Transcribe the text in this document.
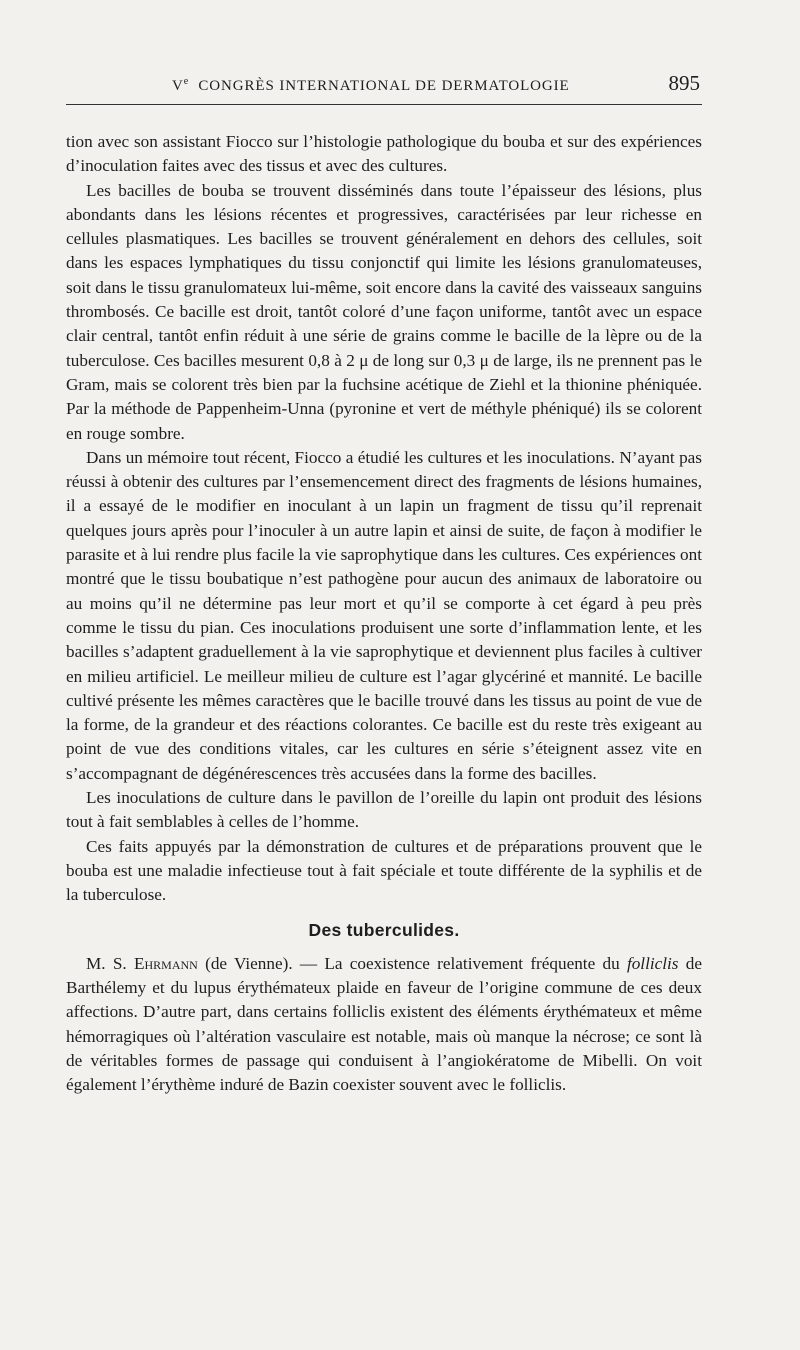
Ve CONGRÈS INTERNATIONAL DE DERMATOLOGIE	895

tion avec son assistant Fiocco sur l’histologie pathologique du bouba et sur des expériences d’inoculation faites avec des tissus et avec des cultures.

Les bacilles de bouba se trouvent disséminés dans toute l’épaisseur des lésions, plus abondants dans les lésions récentes et progressives, caractérisées par leur richesse en cellules plasmatiques. Les bacilles se trouvent généralement en dehors des cellules, soit dans les espaces lymphatiques du tissu conjonctif qui limite les lésions granulomateuses, soit dans le tissu granulomateux lui-même, soit encore dans la cavité des vaisseaux sanguins thrombosés. Ce bacille est droit, tantôt coloré d’une façon uniforme, tantôt avec un espace clair central, tantôt enfin réduit à une série de grains comme le bacille de la lèpre ou de la tuberculose. Ces bacilles mesurent 0,8 à 2 μ de long sur 0,3 μ de large, ils ne prennent pas le Gram, mais se colorent très bien par la fuchsine acétique de Ziehl et la thionine phéniquée. Par la méthode de Pappenheim-Unna (pyronine et vert de méthyle phéniqué) ils se colorent en rouge sombre.

Dans un mémoire tout récent, Fiocco a étudié les cultures et les inoculations. N’ayant pas réussi à obtenir des cultures par l’ensemencement direct des fragments de lésions humaines, il a essayé de le modifier en inoculant à un lapin un fragment de tissu qu’il reprenait quelques jours après pour l’inoculer à un autre lapin et ainsi de suite, de façon à modifier le parasite et à lui rendre plus facile la vie saprophytique dans les cultures. Ces expériences ont montré que le tissu boubatique n’est pathogène pour aucun des animaux de laboratoire ou au moins qu’il ne détermine pas leur mort et qu’il se comporte à cet égard à peu près comme le tissu du pian. Ces inoculations produisent une sorte d’inflammation lente, et les bacilles s’adaptent graduellement à la vie saprophytique et deviennent plus faciles à cultiver en milieu artificiel. Le meilleur milieu de culture est l’agar glycériné et mannité. Le bacille cultivé présente les mêmes caractères que le bacille trouvé dans les tissus au point de vue de la forme, de la grandeur et des réactions colorantes. Ce bacille est du reste très exigeant au point de vue des conditions vitales, car les cultures en série s’éteignent assez vite en s’accompagnant de dégénérescences très accusées dans la forme des bacilles.

Les inoculations de culture dans le pavillon de l’oreille du lapin ont produit des lésions tout à fait semblables à celles de l’homme.

Ces faits appuyés par la démonstration de cultures et de préparations prouvent que le bouba est une maladie infectieuse tout à fait spéciale et toute différente de la syphilis et de la tuberculose.

Des tuberculides.

M. S. Ehrmann (de Vienne). — La coexistence relativement fréquente du folliclis de Barthélemy et du lupus érythémateux plaide en faveur de l’origine commune de ces deux affections. D’autre part, dans certains folliclis existent des éléments érythémateux et même hémorragiques où l’altération vasculaire est notable, mais où manque la nécrose; ce sont là de véritables formes de passage qui conduisent à l’angiokératome de Mibelli. On voit également l’érythème induré de Bazin coexister souvent avec le folliclis.
